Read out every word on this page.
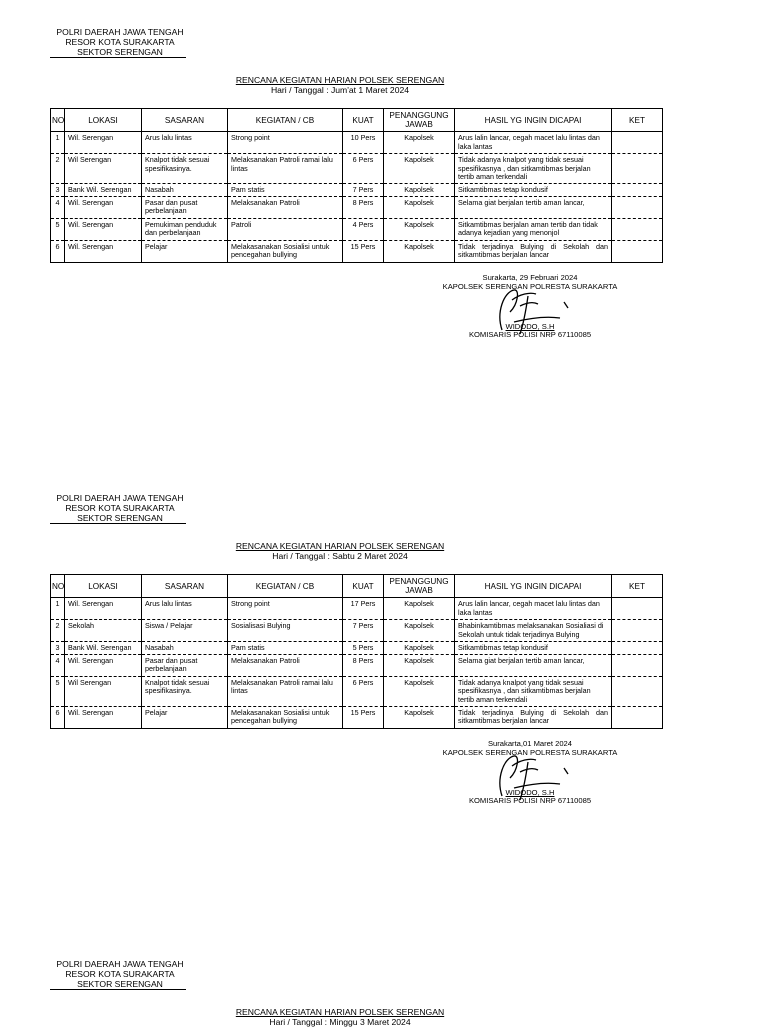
POLRI DAERAH JAWA TENGAH
RESOR KOTA SURAKARTA
SEKTOR SERENGAN
RENCANA KEGIATAN HARIAN POLSEK SERENGAN
Hari / Tanggal : Jum'at 1 Maret 2024
NO	LOKASI	SASARAN	KEGIATAN / CB	KUAT	PENANGGUNG JAWAB	HASIL YG INGIN DICAPAI	KET
1	Wil. Serengan	Arus lalu lintas	Strong point	10 Pers	Kapolsek	Arus lalin lancar, cegah macet lalu lintas dan laka lantas	
2	Wil Serengan	Knalpot tidak sesuai spesifikasinya.	Melaksanakan Patroli ramai lalu lintas	6 Pers	Kapolsek	Tidak adanya knalpot yang tidak sesuai spesifikasnya , dan sitkamtibmas berjalan tertib aman terkendali	
3	Bank Wil. Serengan	Nasabah	Pam statis	7 Pers	Kapolsek	Sitkamtibmas tetap kondusif	
4	Wil. Serengan	Pasar dan pusat perbelanjaan	Melaksanakan Patroli	8 Pers	Kapolsek	Selama giat berjalan tertib aman lancar,	
5	Wil. Serengan	Pemukiman penduduk dan perbelanjaan	Patroli	4 Pers	Kapolsek	Sitkamtibmas berjalan aman tertib dan tidak adanya kejadian yang menonjol	
6	Wil. Serengan	Pelajar	Melakasanakan Sosialisi untuk pencegahan bullying	15 Pers	Kapolsek	Tidak terjadinya Bulying di Sekolah dan sitkamtibmas berjalan lancar	
Surakarta, 29 Februari 2024
KAPOLSEK SERENGAN POLRESTA SURAKARTA
WIDODO, S.H
KOMISARIS POLISI NRP 67110085
POLRI DAERAH JAWA TENGAH
RESOR KOTA SURAKARTA
SEKTOR SERENGAN
RENCANA KEGIATAN HARIAN POLSEK SERENGAN
Hari / Tanggal : Sabtu 2 Maret 2024
NO	LOKASI	SASARAN	KEGIATAN / CB	KUAT	PENANGGUNG JAWAB	HASIL YG INGIN DICAPAI	KET
1	Wil. Serengan	Arus lalu lintas	Strong point	17 Pers	Kapolsek	Arus lalin lancar, cegah macet lalu lintas dan laka lantas	
2	Sekolah	Siswa / Pelajar	Sosialisasi Bulying	7 Pers	Kapolsek	Bhabinkamtibmas melaksanakan Sosialiasi di Sekolah untuk tidak terjadinya Bulying	
3	Bank Wil. Serengan	Nasabah	Pam statis	5 Pers	Kapolsek	Sitkamtibmas tetap kondusif	
4	Wil. Serengan	Pasar dan pusat perbelanjaan	Melaksanakan Patroli	8 Pers	Kapolsek	Selama giat berjalan tertib aman lancar,	
5	Wil Serengan	Knalpot tidak sesuai spesifikasinya.	Melaksanakan Patroli ramai lalu lintas	6 Pers	Kapolsek	Tidak adanya knalpot yang tidak sesuai spesifikasnya , dan sitkamtibmas berjalan tertib aman terkendali	
6	Wil. Serengan	Pelajar	Melakasanakan Sosialisi untuk pencegahan bullying	15 Pers	Kapolsek	Tidak terjadinya Bulying di Sekolah dan sitkamtibmas berjalan lancar	
Surakarta,01 Maret 2024
KAPOLSEK SERENGAN POLRESTA SURAKARTA
WIDODO, S.H
KOMISARIS POLISI NRP 67110085
POLRI DAERAH JAWA TENGAH
RESOR KOTA SURAKARTA
SEKTOR SERENGAN
RENCANA KEGIATAN HARIAN POLSEK SERENGAN
Hari / Tanggal : Minggu 3 Maret 2024
